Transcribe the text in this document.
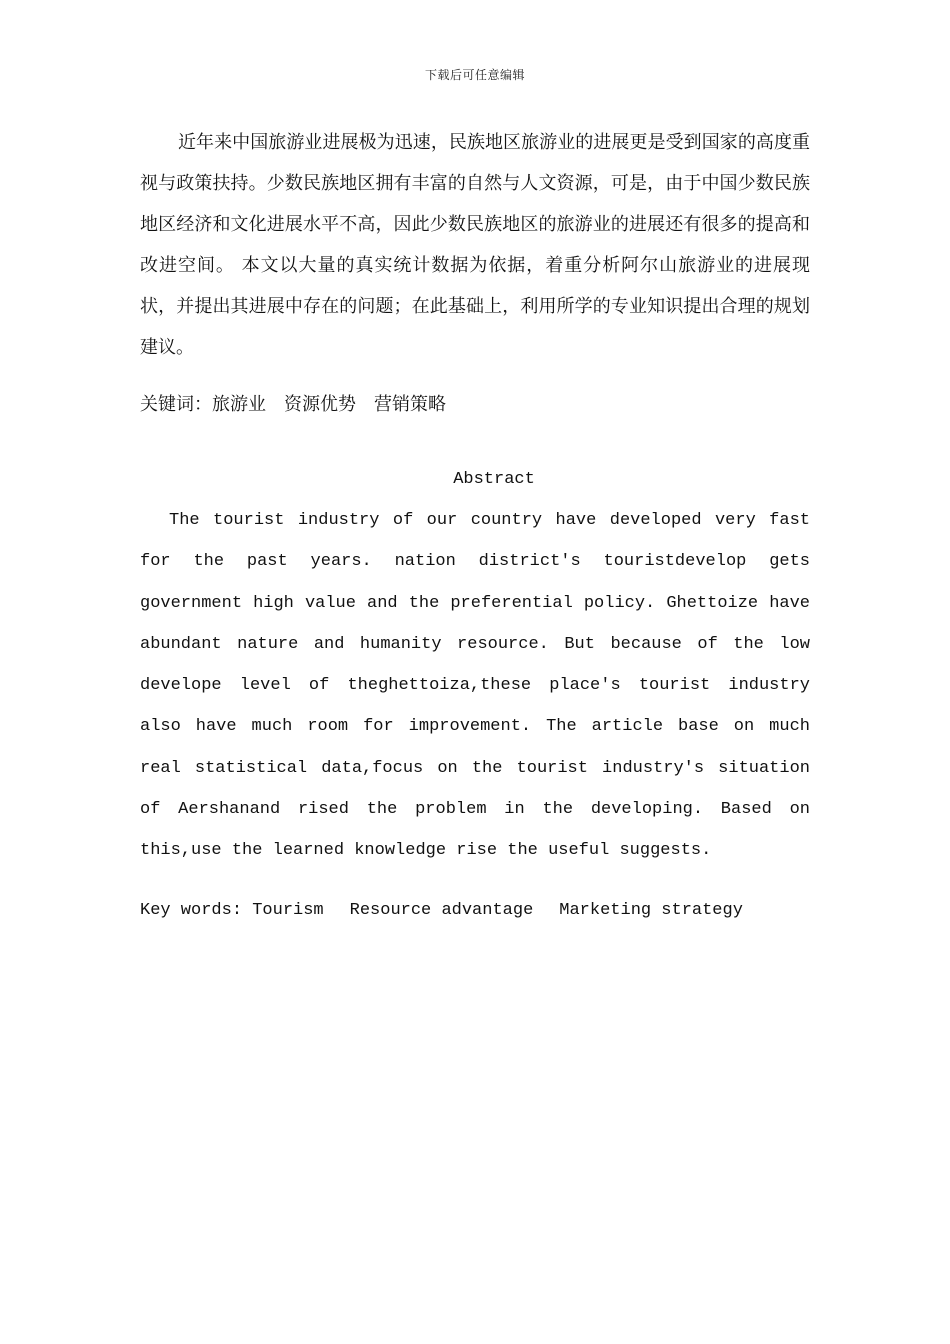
下载后可任意编辑

近年来中国旅游业进展极为迅速，民族地区旅游业的进展更是受到国家的高度重视与政策扶持。少数民族地区拥有丰富的自然与人文资源，可是，由于中国少数民族地区经济和文化进展水平不高，因此少数民族地区的旅游业的进展还有很多的提高和改进空间。 本文以大量的真实统计数据为依据，着重分析阿尔山旅游业的进展现状，并提出其进展中存在的问题；在此基础上，利用所学的专业知识提出合理的规划建议。

关键词：旅游业 资源优势 营销策略

Abstract

The tourist industry of our country have developed very fast for the past years. nation district's touristdevelop gets government high value and the preferential policy. Ghettoize have abundant nature and humanity resource. But because of the low develope level of theghettoiza,these place's tourist industry also have much room for improvement. The article base on much real statistical data,focus on the tourist industry's situation of Aershanand rised the problem in the developing. Based on this,use the learned knowledge rise the useful suggests.

Key words: Tourism Resource advantage Marketing strategy
